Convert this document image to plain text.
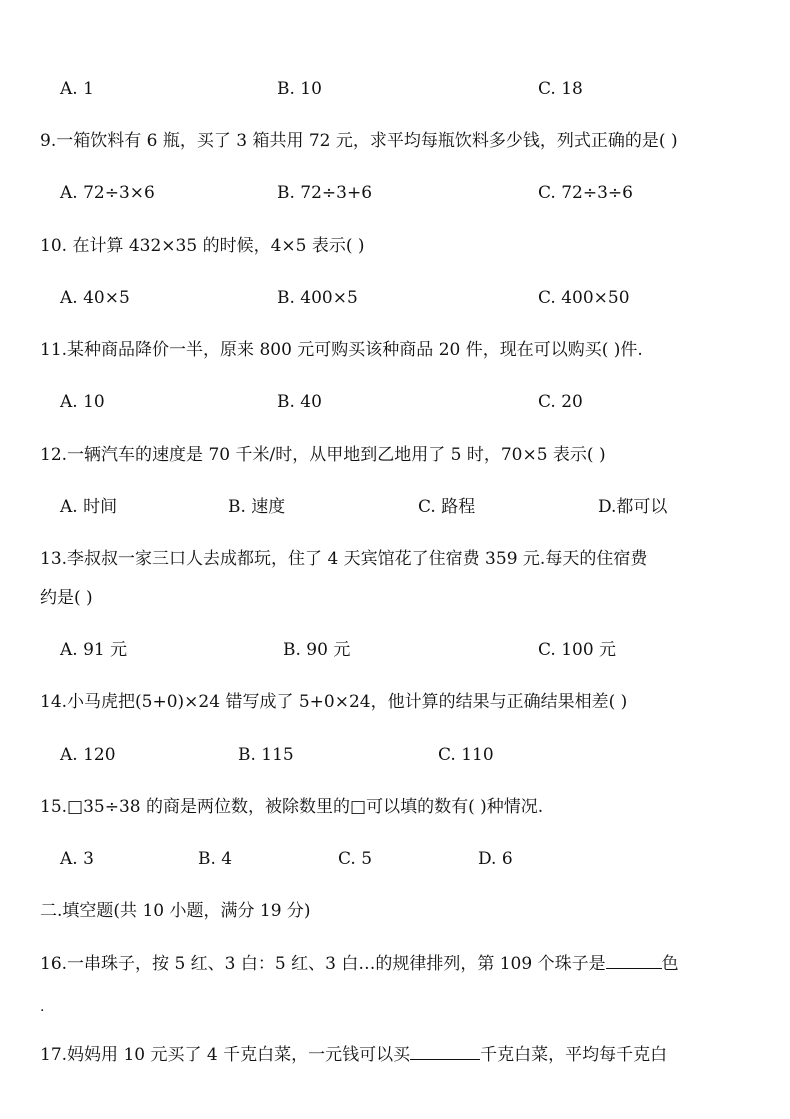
A. 1	B. 10	C. 18
9.一箱饮料有 6 瓶，买了 3 箱共用 72 元，求平均每瓶饮料多少钱，列式正确的是( )
A. 72÷3×6	B. 72÷3+6	C. 72÷3÷6
10. 在计算 432×35 的时候，4×5 表示( )
A. 40×5	B. 400×5	C. 400×50
11.某种商品降价一半，原来 800 元可购买该种商品 20 件，现在可以购买( )件.
A. 10	B. 40	C. 20
12.一辆汽车的速度是 70 千米/时，从甲地到乙地用了 5 时，70×5 表示( )
A. 时间	B. 速度	C. 路程	D.都可以
13.李叔叔一家三口人去成都玩，住了 4 天宾馆花了住宿费 359 元.每天的住宿费
约是( )
A. 91 元	B. 90 元	C. 100 元
14.小马虎把(5+0)×24 错写成了 5+0×24，他计算的结果与正确结果相差( )
A. 120	B. 115	C. 110
15.□35÷38 的商是两位数，被除数里的□可以填的数有( )种情况.
A. 3	B. 4	C. 5	D. 6
二.填空题(共 10 小题，满分 19 分)
16.一串珠子，按 5 红、3 白：5 红、3 白…的规律排列，第 109 个珠子是	色
.
17.妈妈用 10 元买了 4 千克白菜，一元钱可以买	千克白菜，平均每千克白
